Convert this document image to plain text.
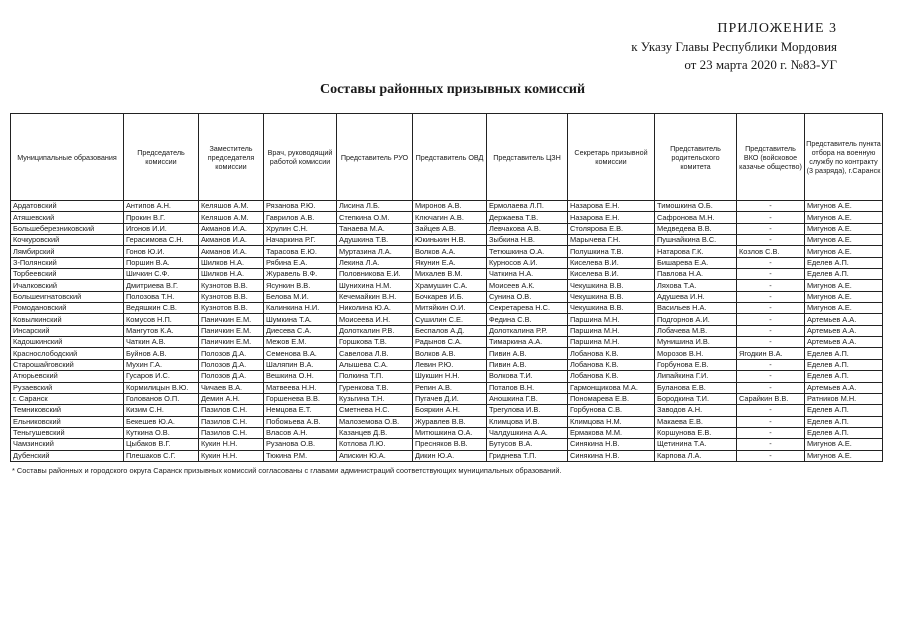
ПРИЛОЖЕНИЕ 3
к Указу Главы Республики Мордовия
от 23 марта 2020 г. №83-УГ
Составы районных призывных комиссий
Муниципальные образования	Председатель комиссии	Заместитель председателя комиссии	Врач, руководящий работой комиссии	Представитель РУО	Представитель ОВД	Представитель ЦЗН	Секретарь призывной комиссии	Представитель родительского комитета	Представитель ВКО (войсковое казачье общество)	Представитель пункта отбора на военную службу по контракту (3 разряда), г.Саранск
Ардатовский	Антипов А.Н.	Келяшов А.М.	Рязанова Р.Ю.	Лисина Л.Б.	Миронов А.В.	Ермолаева Л.П.	Назарова Е.Н.	Тимошкина О.Б.	-	Мигунов А.Е.
Атяшевский	Прокин В.Г.	Келяшов А.М.	Гаврилов А.В.	Степкина О.М.	Ключагин А.В.	Держаева Т.В.	Назарова Е.Н.	Сафронова М.Н.	-	Мигунов А.Е.
Большеберезниковский	Игонов И.И.	Акманов И.А.	Хрулин С.Н.	Танаева М.А.	Зайцев А.В.	Левчакова А.В.	Столярова Е.В.	Медведева В.В.	-	Мигунов А.Е.
Кочкуровский	Герасимова С.Н.	Акманов И.А.	Начаркина Р.Г.	Адушкина Т.В.	Юкинькин Н.В.	Зыбкина Н.В.	Марычева Г.Н.	Пушнайкина В.С.	-	Мигунов А.Е.
Лямбирский	Гонов Ю.И.	Акманов И.А.	Тарасова Е.Ю.	Муртазина Л.А.	Волков А.А.	Тетюшкина О.А.	Полушкина Т.В.	Натарова Г.К.	Козлов С.В.	Мигунов А.Е.
З-Полянский	Поршин В.А.	Шилков Н.А.	Рябина Е.А.	Лекина Л.А.	Якунин Е.А.	Курносов А.И.	Киселева В.И.	Бишарева Е.А.	-	Еделев А.П.
Торбеевский	Шичкин С.Ф.	Шилков Н.А.	Журавель В.Ф.	Половникова Е.И.	Михалев В.М.	Чаткина Н.А.	Киселева В.И.	Павлова Н.А.	-	Еделев А.П.
Ичалковский	Дмитриева В.Г.	Кузнотов В.В.	Ясункин В.В.	Шунихина Н.М.	Храмушин С.А.	Моисеев А.К.	Чекушкина В.В.	Ляхова Т.А.	-	Мигунов А.Е.
Большеигнатовский	Полозова Т.Н.	Кузнотов В.В.	Белова М.И.	Кечемайкин В.Н.	Бочкарев И.Б.	Сунина О.В.	Чекушкина В.В.	Адушева И.Н.	-	Мигунов А.Е.
Ромодановский	Ведяшкин С.В.	Кузнотов В.В.	Калинкина Н.И.	Николина Ю.А.	Митяйкин О.И.	Секретарева Н.С.	Чекушкина В.В.	Васильев Н.А.	-	Мигунов А.Е.
Ковылкинский	Комусов Н.П.	Паничкин Е.М.	Шумкина Т.А.	Моисеева И.Н.	Сушилин С.Е.	Федина С.В.	Паршина М.Н.	Подгорнов А.И.	-	Артемьев А.А.
Инсарский	Мангутов К.А.	Паничкин Е.М.	Диесева С.А.	Долоткалин Р.В.	Беспалов А.Д.	Долоткалина Р.Р.	Паршина М.Н.	Лобачева М.В.	-	Артемьев А.А.
Кадошкинский	Чаткин А.В.	Паничкин Е.М.	Межов Е.М.	Горшкова Т.В.	Радынов С.А.	Тимаркина А.А.	Паршина М.Н.	Мунишина И.В.	-	Артемьев А.А.
Краснослободский	Буйнов А.В.	Полозов Д.А.	Семенова В.А.	Савелова Л.В.	Волков А.В.	Пивин А.В.	Лобанова К.В.	Морозов В.Н.	Ягодкин В.А.	Еделев А.П.
Старошайговский	Мухин Г.А.	Полозов Д.А.	Шаляпин В.А.	Алышева С.А.	Левин Р.Ю.	Пивин А.В.	Лобанова К.В.	Горбунова Е.В.	-	Еделев А.П.
Атюрьевский	Гусаров И.С.	Полозов Д.А.	Вешкина О.Н.	Полкина Т.П.	Шукшин Н.Н.	Волкова Т.И.	Лобанова К.В.	Липайкина Г.И.	-	Еделев А.П.
Рузаевский	Кормилицын В.Ю.	Чичаев В.А.	Матвеева Н.Н.	Гуренкова Т.В.	Репин А.В.	Потапов В.Н.	Гармонщикова М.А.	Буланова Е.В.	-	Артемьев А.А.
г. Саранск	Голованов О.П.	Демин А.Н.	Горшенева В.В.	Кузьгина Т.Н.	Пугачев Д.И.	Аношкина Г.В.	Пономарева Е.В.	Бородкина Т.И.	Сарайкин В.В.	Ратников М.Н.
Темниковский	Кизим С.Н.	Пазилов С.Н.	Немцова Е.Т.	Сметнева Н.С.	Бояркин А.Н.	Трегулова И.В.	Горбунова С.В.	Заводов А.Н.	-	Еделев А.П.
Ельниковский	Бекешев Ю.А.	Пазилов С.Н.	Побожьева А.В.	Малоземова О.В.	Журавлев В.В.	Климцова И.В.	Климцова Н.М.	Макаева Е.В.	-	Еделев А.П.
Теньгушевский	Куткина О.В.	Пазилов С.Н.	Власов А.Н.	Казанцев Д.В.	Митюшкина О.А.	Чалдушкина А.А.	Ермакова М.М.	Коршунова Е.В.	-	Еделев А.П.
Чамзинский	Цыбаков В.Г.	Кукин Н.Н.	Рузанова О.В.	Котлова Л.Ю.	Пресняков В.В.	Бутусов В.А.	Синякина Н.В.	Щетинина Т.А.	-	Мигунов А.Е.
Дубенский	Плешаков С.Г.	Кукин Н.Н.	Тюкина Р.М.	Апискин Ю.А.	Дикин Ю.А.	Гриднева Т.П.	Синякина Н.В.	Карпова Л.А.	-	Мигунов А.Е.
* Составы районных и городского округа Саранск призывных комиссий согласованы с главами администраций соответствующих муниципальных образований.
